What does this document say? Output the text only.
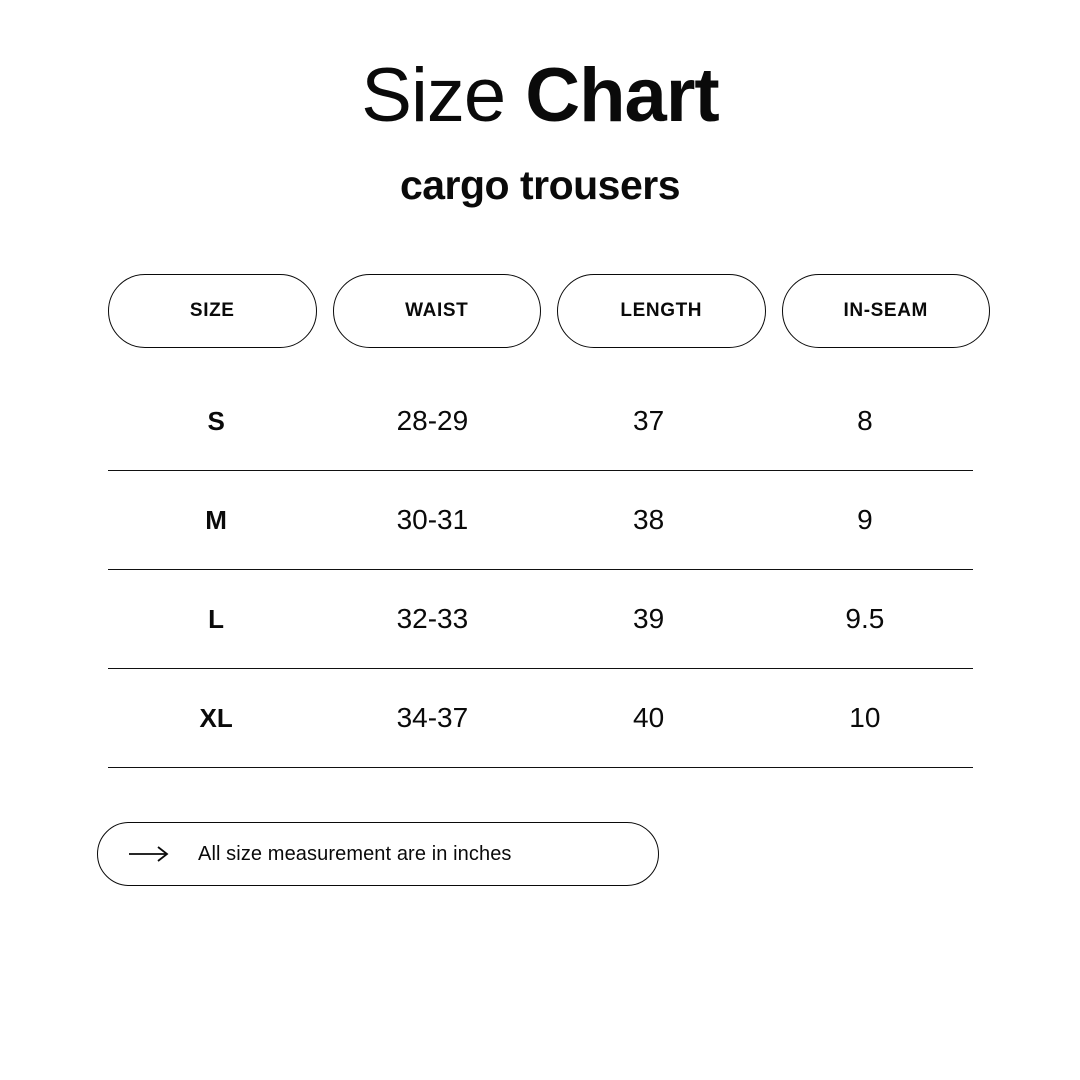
Size Chart
cargo trousers
SIZE	WAIST	LENGTH	IN-SEAM
S	28-29	37	8
M	30-31	38	9
L	32-33	39	9.5
XL	34-37	40	10
All size measurement are in inches
